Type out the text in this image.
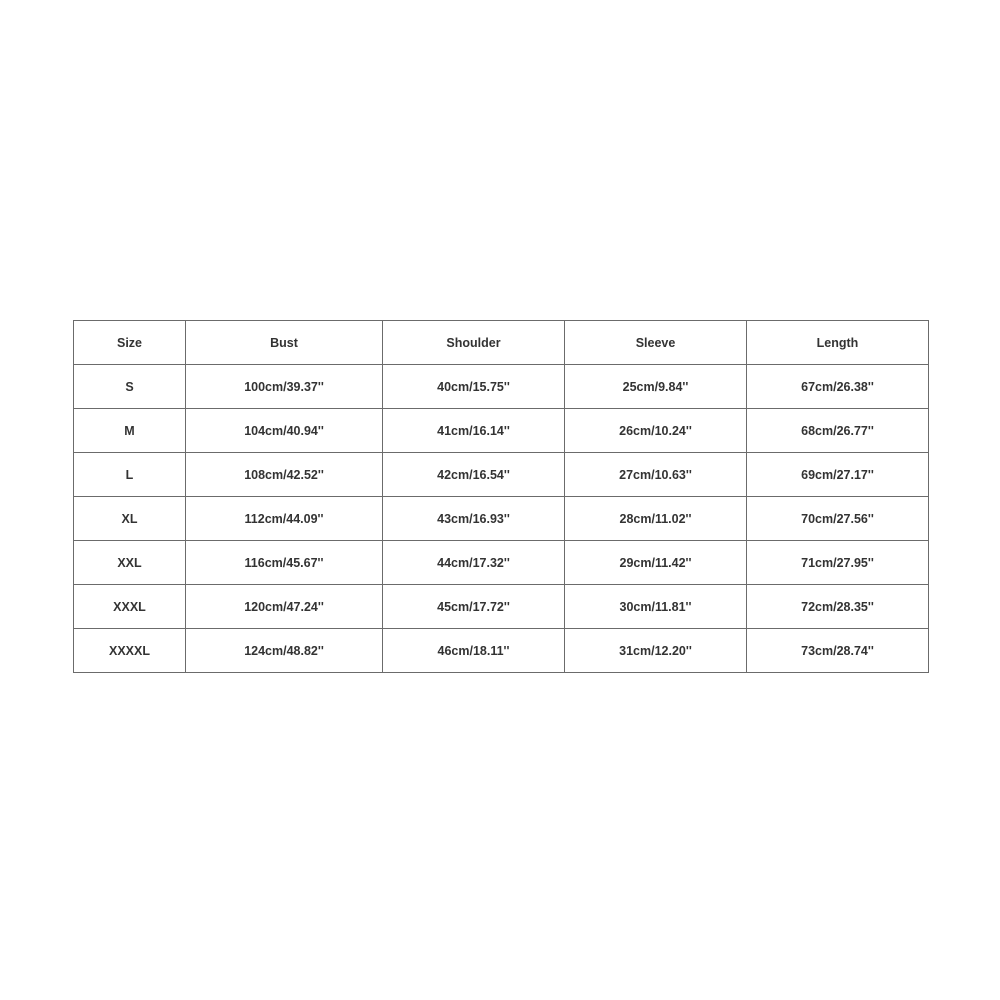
Size	Bust	Shoulder	Sleeve	Length
S	100cm/39.37''	40cm/15.75''	25cm/9.84''	67cm/26.38''
M	104cm/40.94''	41cm/16.14''	26cm/10.24''	68cm/26.77''
L	108cm/42.52''	42cm/16.54''	27cm/10.63''	69cm/27.17''
XL	112cm/44.09''	43cm/16.93''	28cm/11.02''	70cm/27.56''
XXL	116cm/45.67''	44cm/17.32''	29cm/11.42''	71cm/27.95''
XXXL	120cm/47.24''	45cm/17.72''	30cm/11.81''	72cm/28.35''
XXXXL	124cm/48.82''	46cm/18.11''	31cm/12.20''	73cm/28.74''
